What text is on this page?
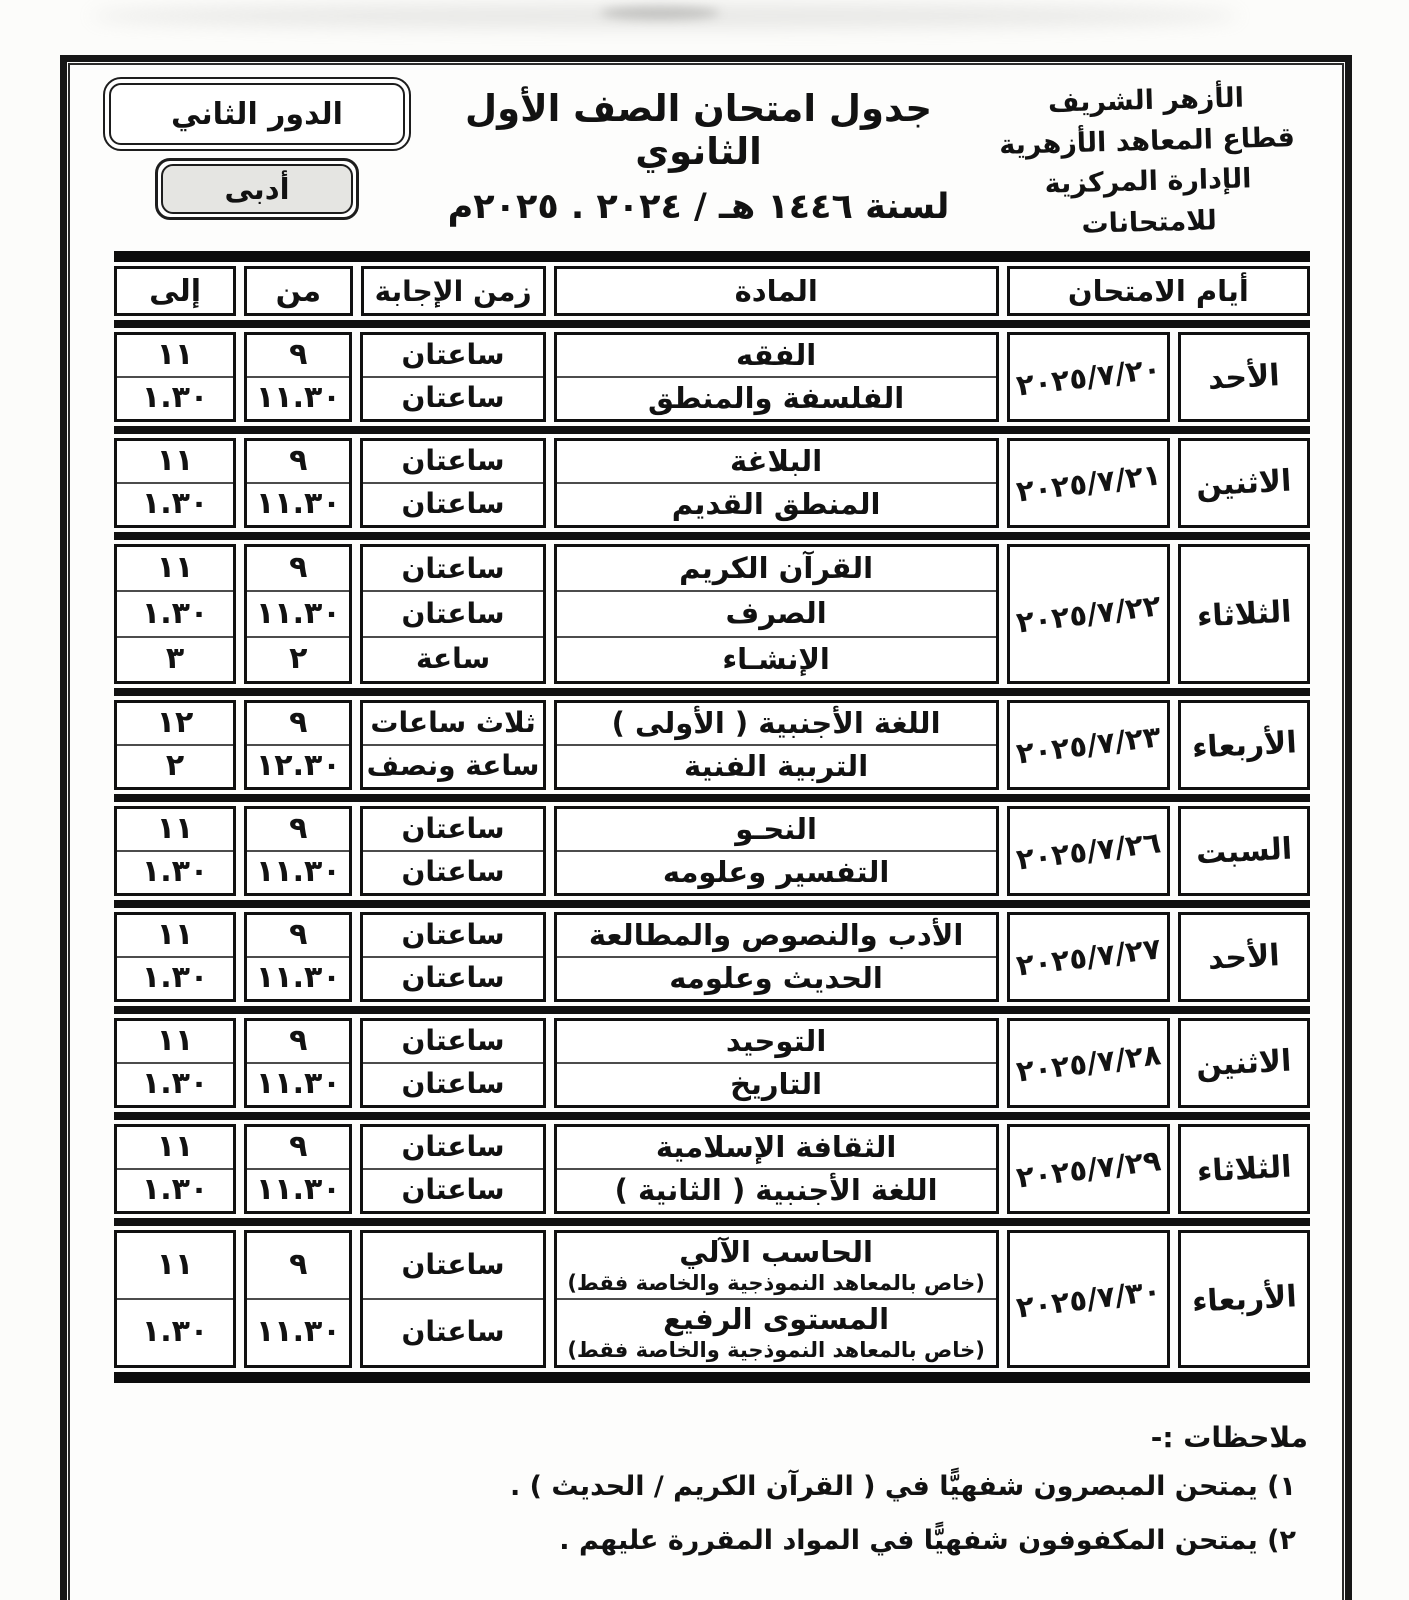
الأزهر الشريف
قطاع المعاهد الأزهرية
الإدارة المركزية للامتحانات
جدول امتحان الصف الأول الثانوي
لسنة ١٤٤٦ هـ / ٢٠٢٤ . ٢٠٢٥م
الدور الثاني
أدبى
أيام الامتحان
المادة
زمن الإجابة
من
إلى
الأحد
٢٠٢٥/٧/٢٠
الفقه
الفلسفة والمنطق
ساعتان
ساعتان
٩
١١.٣٠
١١
١.٣٠
الاثنين
٢٠٢٥/٧/٢١
البلاغة
المنطق القديم
ساعتان
ساعتان
٩
١١.٣٠
١١
١.٣٠
الثلاثاء
٢٠٢٥/٧/٢٢
القرآن الكريم
الصرف
الإنشـاء
ساعتان
ساعتان
ساعة
٩
١١.٣٠
٢
١١
١.٣٠
٣
الأربعاء
٢٠٢٥/٧/٢٣
اللغة الأجنبية ( الأولى )
التربية الفنية
ثلاث ساعات
ساعة ونصف
٩
١٢.٣٠
١٢
٢
السبت
٢٠٢٥/٧/٢٦
النحـو
التفسير وعلومه
ساعتان
ساعتان
٩
١١.٣٠
١١
١.٣٠
الأحد
٢٠٢٥/٧/٢٧
الأدب والنصوص والمطالعة
الحديث وعلومه
ساعتان
ساعتان
٩
١١.٣٠
١١
١.٣٠
الاثنين
٢٠٢٥/٧/٢٨
التوحيد
التاريخ
ساعتان
ساعتان
٩
١١.٣٠
١١
١.٣٠
الثلاثاء
٢٠٢٥/٧/٢٩
الثقافة الإسلامية
اللغة الأجنبية ( الثانية )
ساعتان
ساعتان
٩
١١.٣٠
١١
١.٣٠
الأربعاء
٢٠٢٥/٧/٣٠
الحاسب الآلي
(خاص بالمعاهد النموذجية والخاصة فقط)
المستوى الرفيع
(خاص بالمعاهد النموذجية والخاصة فقط)
ساعتان
ساعتان
٩
١١.٣٠
١١
١.٣٠
ملاحظات :-
١) يمتحن المبصرون شفهيًّا في ( القرآن الكريم / الحديث ) .
٢) يمتحن المكفوفون شفهيًّا في المواد المقررة عليهم .
